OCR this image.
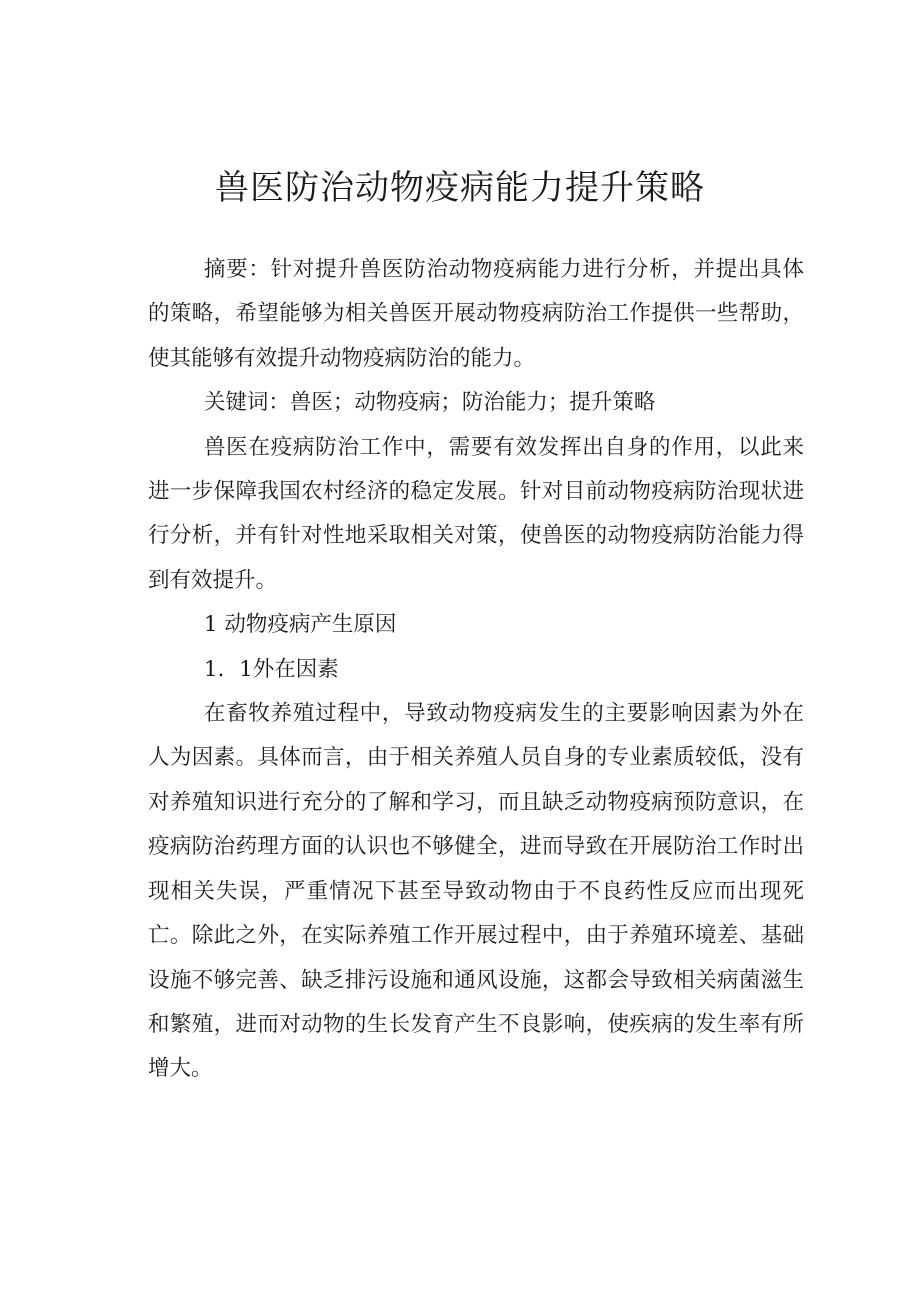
兽医防治动物疫病能力提升策略

摘要：针对提升兽医防治动物疫病能力进行分析，并提出具体的策略，希望能够为相关兽医开展动物疫病防治工作提供一些帮助，使其能够有效提升动物疫病防治的能力。

关键词：兽医；动物疫病；防治能力；提升策略

兽医在疫病防治工作中，需要有效发挥出自身的作用，以此来进一步保障我国农村经济的稳定发展。针对目前动物疫病防治现状进行分析，并有针对性地采取相关对策，使兽医的动物疫病防治能力得到有效提升。

1 动物疫病产生原因

1．1外在因素

在畜牧养殖过程中，导致动物疫病发生的主要影响因素为外在人为因素。具体而言，由于相关养殖人员自身的专业素质较低，没有对养殖知识进行充分的了解和学习，而且缺乏动物疫病预防意识，在疫病防治药理方面的认识也不够健全，进而导致在开展防治工作时出现相关失误，严重情况下甚至导致动物由于不良药性反应而出现死亡。除此之外，在实际养殖工作开展过程中，由于养殖环境差、基础设施不够完善、缺乏排污设施和通风设施，这都会导致相关病菌滋生和繁殖，进而对动物的生长发育产生不良影响，使疾病的发生率有所增大。
